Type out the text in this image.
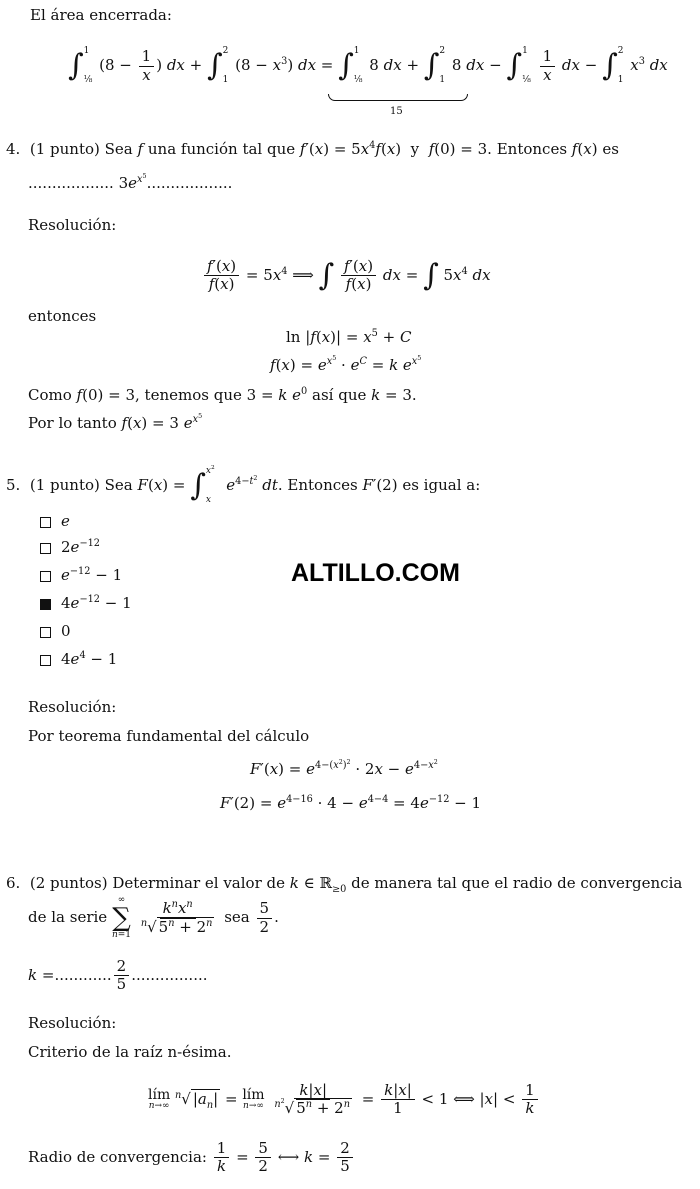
El área encerrada:
∫ 1
⅛
($8 - \frac{1}{x}$ ) dx + ∫ 2
1
$(8 - x^3)$ dx = ∫ 1
⅛
8 dx + ∫ 2
1
8 dx − ∫ 1
⅛
$\frac{1}{x}$ dx − ∫ 2
1
$x^3$ dx
15
4. (1 punto) Sea f una función tal que $f'(x) = 5x^4f(x)$  y f(0) = 3. Entonces f(x) es
.................. $3e^{x^5}$..................
Resolución:
$\frac{f'(x)}{f(x)} = 5x^4$ ⟹ ∫ $\frac{f'(x)}{f(x)}$ dx = ∫ $5x^4$ dx
entonces
$\ln |f(x)| = x^5 + C$
$f(x) = e^{x^5} \cdot e^C = k$ $e^{x^5}$
Como f(0) = 3, tenemos que 3 = k $e^0$ así que k = 3.
Por lo tanto f(x) = 3 $e^{x^5}$
5. (1 punto) Sea F(x) = ∫ $x^2$
x
$e^{4-t^2}$ dt. Entonces F′(2) es igual a:
e
$2e^{-12}$
$e^{-12} - 1$
$4e^{-12} - 1$
0
$4e^4 - 1$
ALTILLO.COM
Resolución:
Por teorema fundamental del cálculo
$F'(x) = e^{4-(x^2)^2} \cdot 2x - e^{4-x^2}$
$F'(2) = e^{4-16} \cdot 4 - e^{4-4} = 4e^{-12} - 1$
6. (2 puntos) Determinar el valor de k ∈ ℝ$_{\ge 0}$ de manera tal que el radio de convergencia
de la serie
∞
∑
n=1
$\frac{k^nx^n}{^n√ 5^n + 2^n}$ sea $\frac{5}{2}$ .
k =............ $\frac{2}{5}$ ................
Resolución:
Criterio de la raíz n-ésima.
lím
n→∞
$^n$√ $|a_n|$ = lím
n→∞
$\frac{k|x|}{^{n^2}√ 5^n + 2^n} = \frac{k|x|}{1} < 1$ ⟺ $|x| < \frac{1}{k}$
Radio de convergencia: $\frac{1}{k} = \frac{5}{2}$ ⟷ $k = \frac{2}{5}$
